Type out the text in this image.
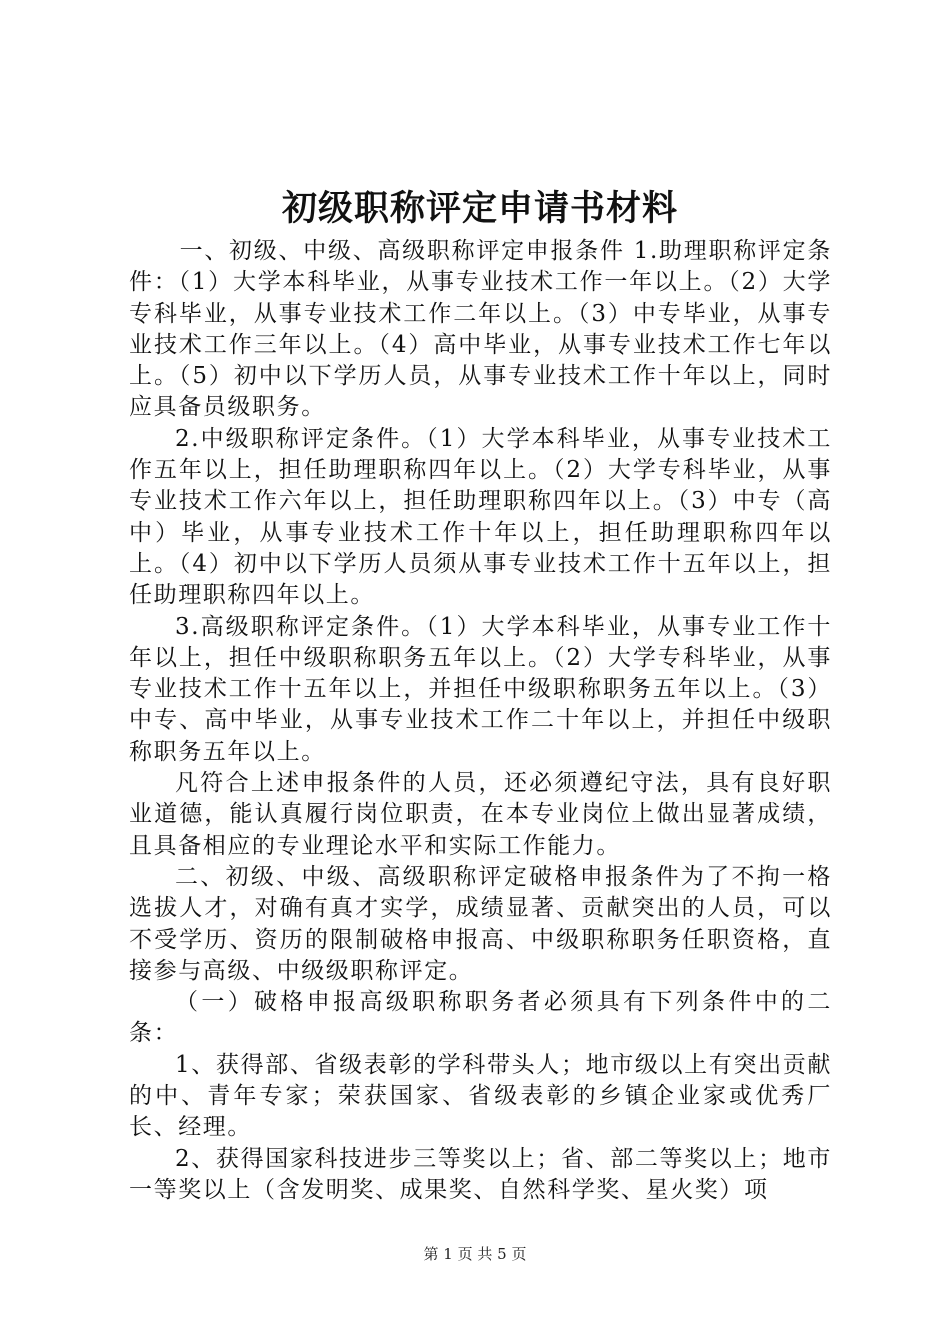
初级职称评定申请书材料

一、初级、中级、高级职称评定申报条件 1.助理职称评定条件：（1）大学本科毕业，从事专业技术工作一年以上。（2）大学专科毕业，从事专业技术工作二年以上。（3）中专毕业，从事专业技术工作三年以上。（4）高中毕业，从事专业技术工作七年以上。（5）初中以下学历人员，从事专业技术工作十年以上，同时应具备员级职务。

2.中级职称评定条件。（1）大学本科毕业，从事专业技术工作五年以上，担任助理职称四年以上。（2）大学专科毕业，从事专业技术工作六年以上，担任助理职称四年以上。（3）中专（高中）毕业，从事专业技术工作十年以上，担任助理职称四年以上。（4）初中以下学历人员须从事专业技术工作十五年以上，担任助理职称四年以上。

3.高级职称评定条件。（1）大学本科毕业，从事专业工作十年以上，担任中级职称职务五年以上。（2）大学专科毕业，从事专业技术工作十五年以上，并担任中级职称职务五年以上。（3）中专、高中毕业，从事专业技术工作二十年以上，并担任中级职称职务五年以上。

凡符合上述申报条件的人员，还必须遵纪守法，具有良好职业道德，能认真履行岗位职责，在本专业岗位上做出显著成绩，且具备相应的专业理论水平和实际工作能力。

二、初级、中级、高级职称评定破格申报条件为了不拘一格选拔人才，对确有真才实学，成绩显著、贡献突出的人员，可以不受学历、资历的限制破格申报高、中级职称职务任职资格，直接参与高级、中级级职称评定。

（一）破格申报高级职称职务者必须具有下列条件中的二条：

1、获得部、省级表彰的学科带头人；地市级以上有突出贡献的中、青年专家；荣获国家、省级表彰的乡镇企业家或优秀厂长、经理。

2、获得国家科技进步三等奖以上；省、部二等奖以上；地市一等奖以上（含发明奖、成果奖、自然科学奖、星火奖）项

第 1 页 共 5 页
